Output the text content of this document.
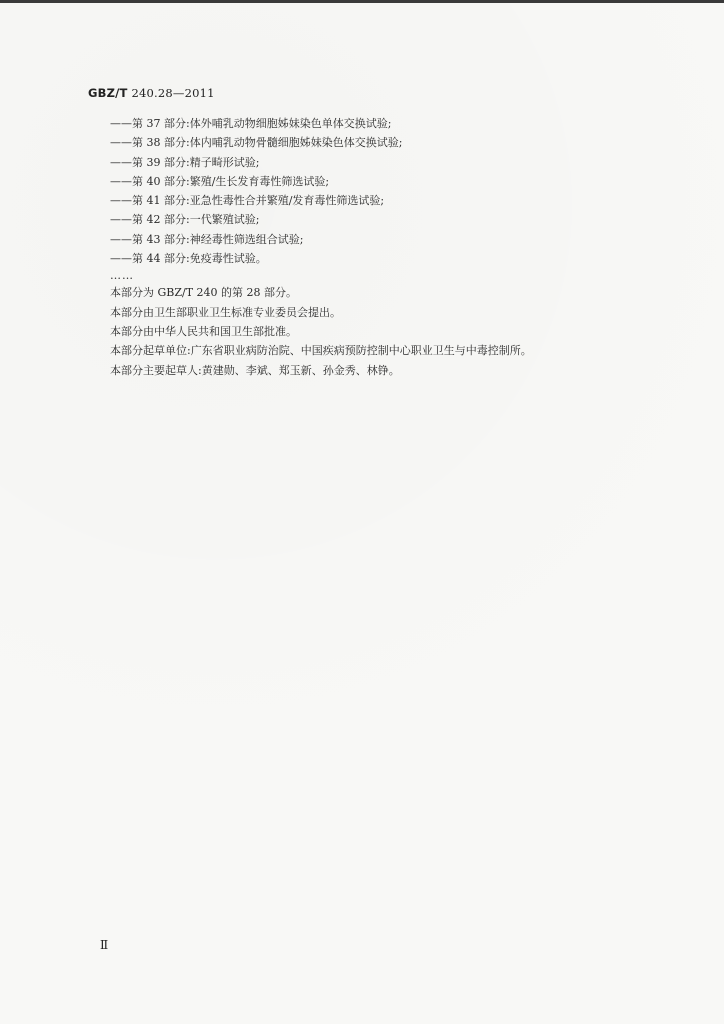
GBZ/T 240.28—2011
——第 37 部分:体外哺乳动物细胞姊妹染色单体交换试验;
——第 38 部分:体内哺乳动物骨髓细胞姊妹染色体交换试验;
——第 39 部分:精子畸形试验;
——第 40 部分:繁殖/生长发育毒性筛选试验;
——第 41 部分:亚急性毒性合并繁殖/发育毒性筛选试验;
——第 42 部分:一代繁殖试验;
——第 43 部分:神经毒性筛选组合试验;
——第 44 部分:免疫毒性试验。
……
本部分为 GBZ/T 240 的第 28 部分。
本部分由卫生部职业卫生标准专业委员会提出。
本部分由中华人民共和国卫生部批准。
本部分起草单位:广东省职业病防治院、中国疾病预防控制中心职业卫生与中毒控制所。
本部分主要起草人:黄建勋、李斌、郑玉新、孙金秀、林铮。
Ⅱ
